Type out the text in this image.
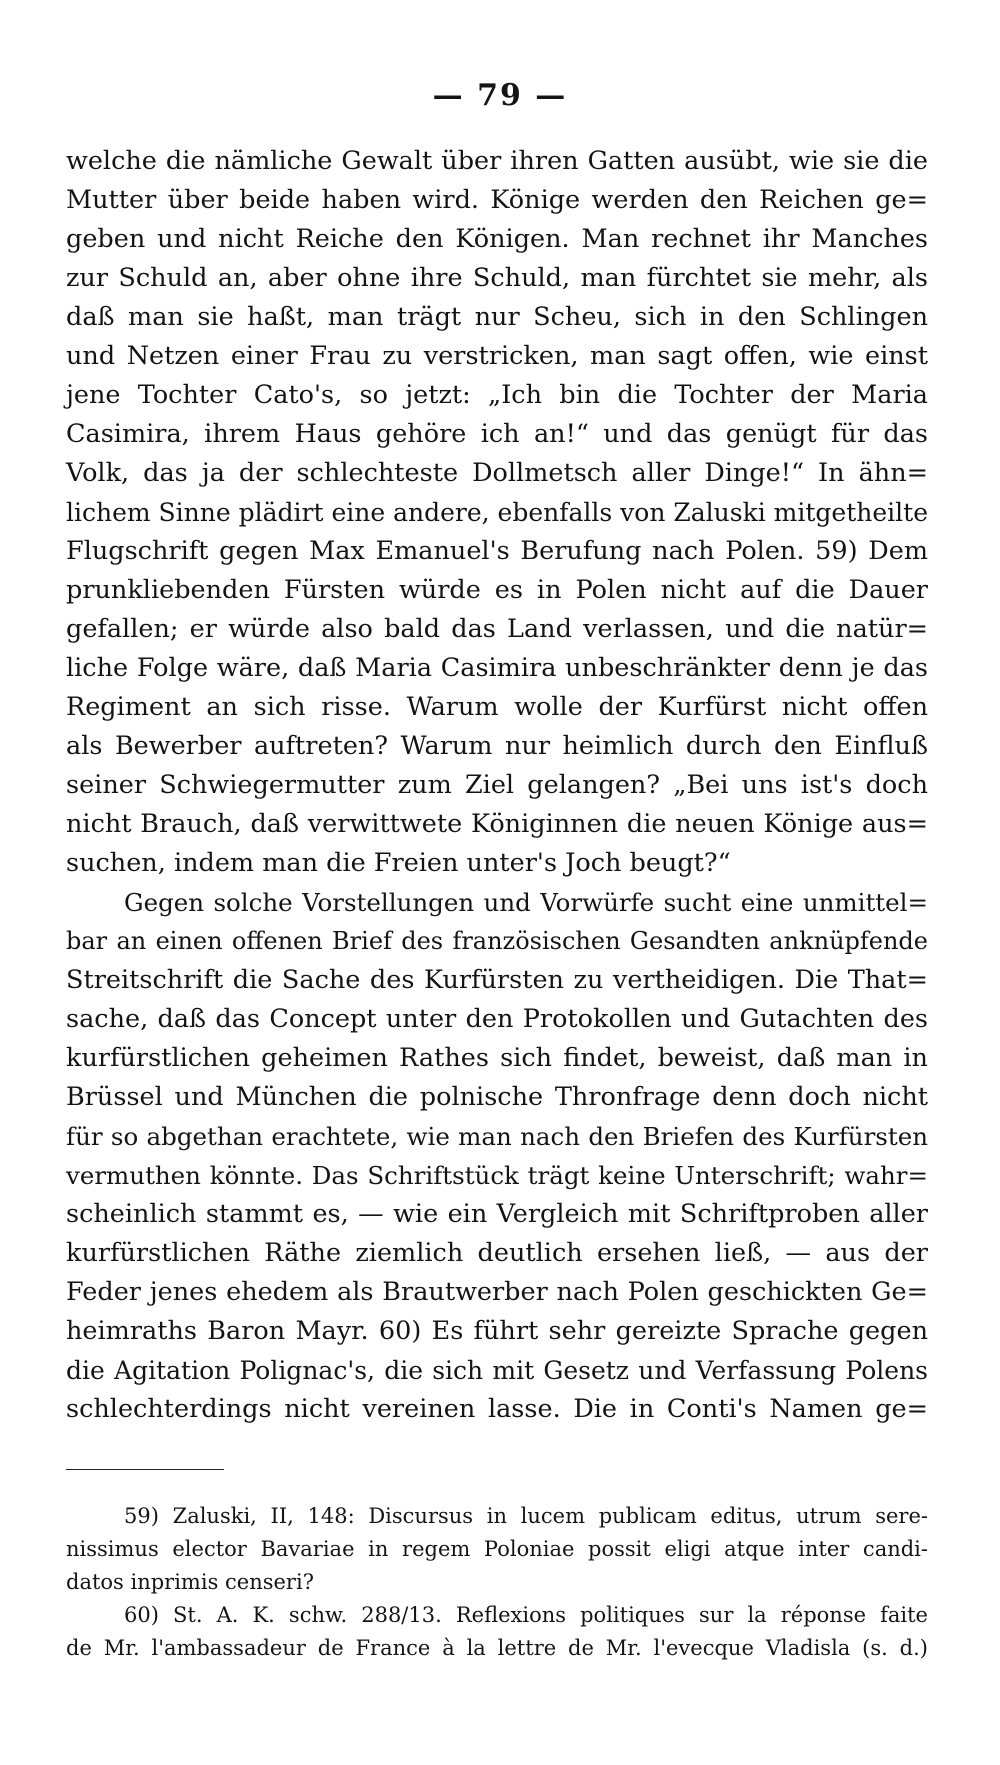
— 79 —
welche die nämliche Gewalt über ihren Gatten ausübt, wie sie die
Mutter über beide haben wird. Könige werden den Reichen ge=
geben und nicht Reiche den Königen. Man rechnet ihr Manches
zur Schuld an, aber ohne ihre Schuld, man fürchtet sie mehr, als
daß man sie haßt, man trägt nur Scheu, sich in den Schlingen
und Netzen einer Frau zu verstricken, man sagt offen, wie einst
jene Tochter Cato's, so jetzt: „Ich bin die Tochter der Maria
Casimira, ihrem Haus gehöre ich an!“ und das genügt für das
Volk, das ja der schlechteste Dollmetsch aller Dinge!“ In ähn=
lichem Sinne plädirt eine andere, ebenfalls von Zaluski mitgetheilte
Flugschrift gegen Max Emanuel's Berufung nach Polen. 59) Dem
prunkliebenden Fürsten würde es in Polen nicht auf die Dauer
gefallen; er würde also bald das Land verlassen, und die natür=
liche Folge wäre, daß Maria Casimira unbeschränkter denn je das
Regiment an sich risse. Warum wolle der Kurfürst nicht offen
als Bewerber auftreten? Warum nur heimlich durch den Einfluß
seiner Schwiegermutter zum Ziel gelangen? „Bei uns ist's doch
nicht Brauch, daß verwittwete Königinnen die neuen Könige aus=
suchen, indem man die Freien unter's Joch beugt?“
Gegen solche Vorstellungen und Vorwürfe sucht eine unmittel=
bar an einen offenen Brief des französischen Gesandten anknüpfende
Streitschrift die Sache des Kurfürsten zu vertheidigen. Die That=
sache, daß das Concept unter den Protokollen und Gutachten des
kurfürstlichen geheimen Rathes sich findet, beweist, daß man in
Brüssel und München die polnische Thronfrage denn doch nicht
für so abgethan erachtete, wie man nach den Briefen des Kurfürsten
vermuthen könnte. Das Schriftstück trägt keine Unterschrift; wahr=
scheinlich stammt es, — wie ein Vergleich mit Schriftproben aller
kurfürstlichen Räthe ziemlich deutlich ersehen ließ, — aus der
Feder jenes ehedem als Brautwerber nach Polen geschickten Ge=
heimraths Baron Mayr. 60) Es führt sehr gereizte Sprache gegen
die Agitation Polignac's, die sich mit Gesetz und Verfassung Polens
schlechterdings nicht vereinen lasse. Die in Conti's Namen ge=
59) Zaluski, II, 148: Discursus in lucem publicam editus, utrum sere-
nissimus elector Bavariae in regem Poloniae possit eligi atque inter candi-
datos inprimis censeri?
60) St. A. K. schw. 288/13. Reflexions politiques sur la réponse faite
de Mr. l'ambassadeur de France à la lettre de Mr. l'evecque Vladisla (s. d.)
